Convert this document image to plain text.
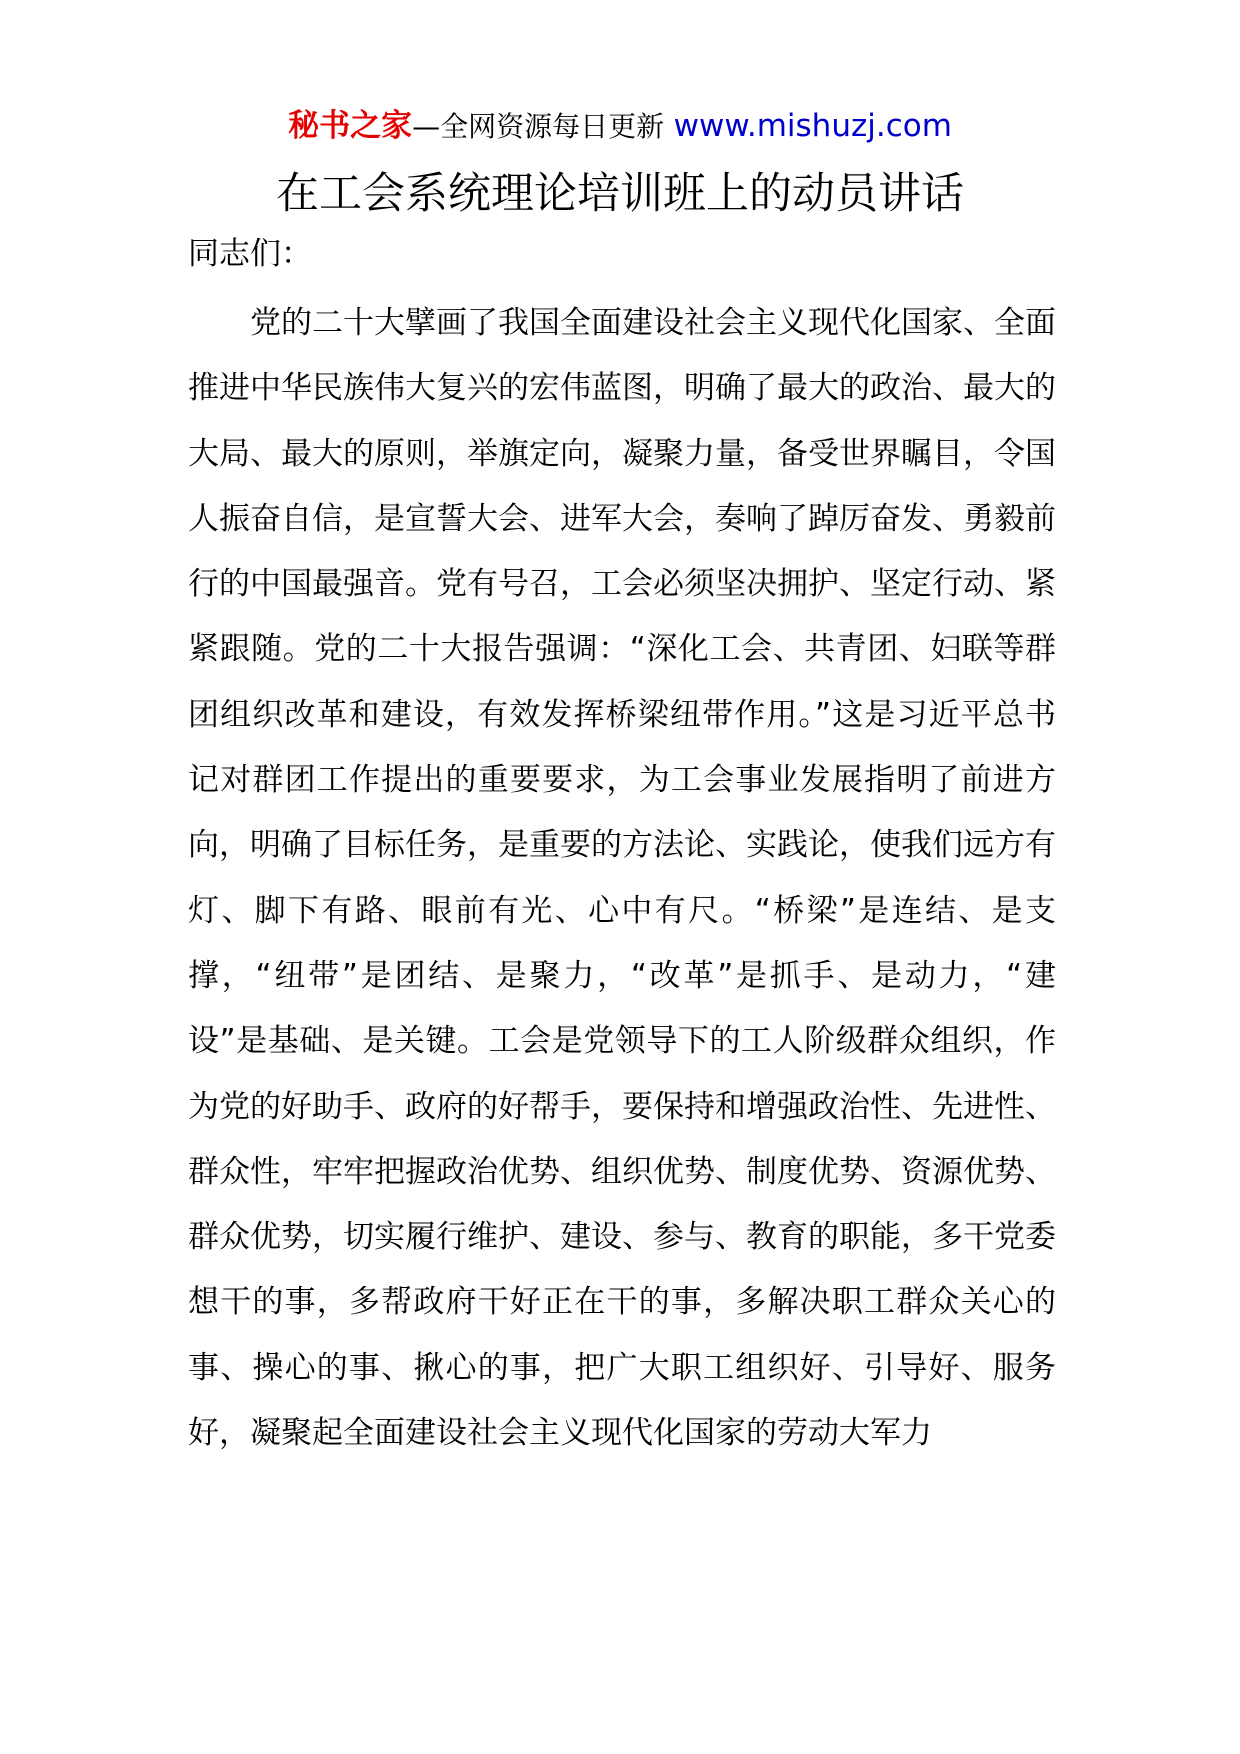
秘书之家—全网资源每日更新 www.mishuzj.com
在工会系统理论培训班上的动员讲话
同志们：

党的二十大擘画了我国全面建设社会主义现代化国家、全面推进中华民族伟大复兴的宏伟蓝图，明确了最大的政治、最大的大局、最大的原则，举旗定向，凝聚力量，备受世界瞩目，令国人振奋自信，是宣誓大会、进军大会，奏响了踔厉奋发、勇毅前行的中国最强音。党有号召，工会必须坚决拥护、坚定行动、紧紧跟随。党的二十大报告强调：“深化工会、共青团、妇联等群团组织改革和建设，有效发挥桥梁纽带作用。”这是习近平总书记对群团工作提出的重要要求，为工会事业发展指明了前进方向，明确了目标任务，是重要的方法论、实践论，使我们远方有灯、脚下有路、眼前有光、心中有尺。“桥梁”是连结、是支撑，“纽带”是团结、是聚力，“改革”是抓手、是动力，“建设”是基础、是关键。工会是党领导下的工人阶级群众组织，作为党的好助手、政府的好帮手，要保持和增强政治性、先进性、群众性，牢牢把握政治优势、组织优势、制度优势、资源优势、群众优势，切实履行维护、建设、参与、教育的职能，多干党委想干的事，多帮政府干好正在干的事，多解决职工群众关心的事、操心的事、揪心的事，把广大职工组织好、引导好、服务好，凝聚起全面建设社会主义现代化国家的劳动大军力
